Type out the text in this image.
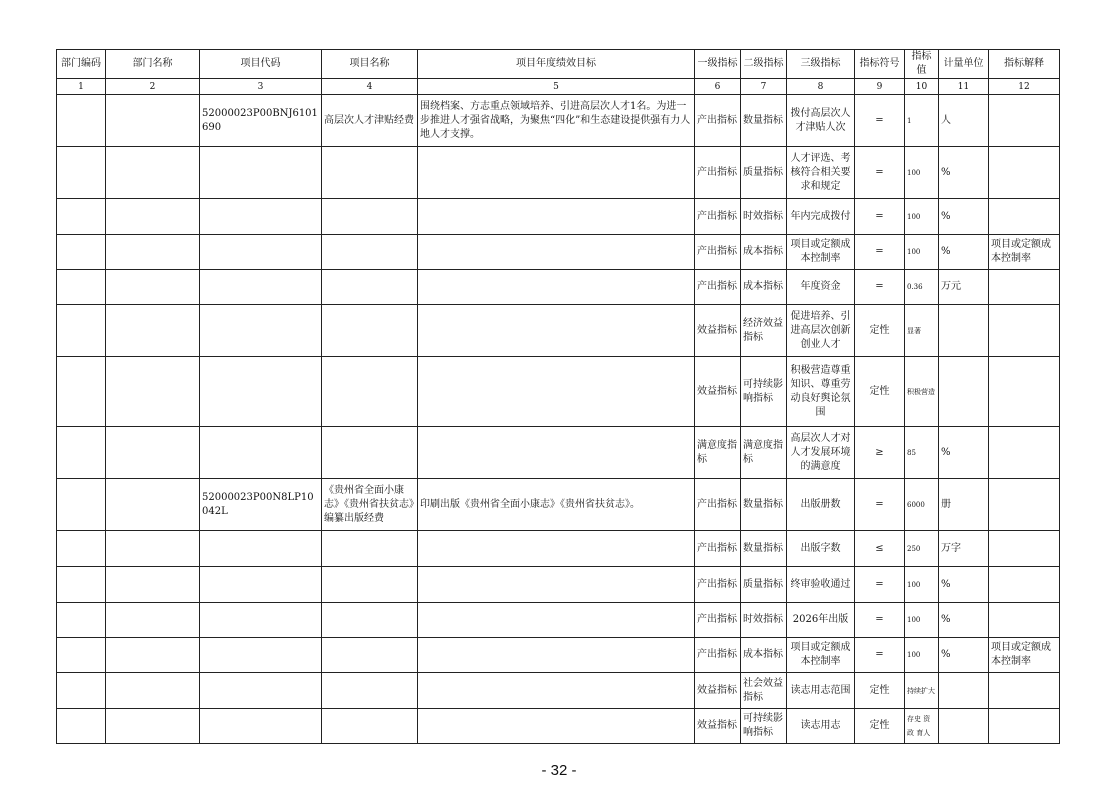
部门编码	部门名称	项目代码	项目名称	项目年度绩效目标	一级指标	二级指标	三级指标	指标符号	指标值	计量单位	指标解释
1	2	3	4	5	6	7	8	9	10	11	12
		52000023P00BNJ6101690	高层次人才津贴经费	围绕档案、方志重点领域培养、引进高层次人才1名。为进一步推进人才强省战略，为聚焦“四化”和生态建设提供强有力人地人才支撑。	产出指标	数量指标	拨付高层次人才津贴人次	=	1	人	
					产出指标	质量指标	人才评选、考核符合相关要求和规定	=	100	%	
					产出指标	时效指标	年内完成拨付	=	100	%	
					产出指标	成本指标	项目或定额成本控制率	=	100	%	项目或定额成本控制率
					产出指标	成本指标	年度资金	=	0.36	万元	
					效益指标	经济效益指标	促进培养、引进高层次创新创业人才	定性	显著		
					效益指标	可持续影响指标	积极营造尊重知识、尊重劳动良好舆论氛围	定性	积极营造		
					满意度指标	满意度指标	高层次人才对人才发展环境的满意度	≥	85	%	
		52000023P00N8LP10042L	《贵州省全面小康志》《贵州省扶贫志》编纂出版经费	印刷出版《贵州省全面小康志》《贵州省扶贫志》。	产出指标	数量指标	出版册数	=	6000	册	
					产出指标	数量指标	出版字数	≤	250	万字	
					产出指标	质量指标	终审验收通过	=	100	%	
					产出指标	时效指标	2026年出版	=	100	%	
					产出指标	成本指标	项目或定额成本控制率	=	100	%	项目或定额成本控制率
					效益指标	社会效益指标	读志用志范围	定性	持续扩大		
					效益指标	可持续影响指标	读志用志	定性	存史 资政 育人		
- 32 -
